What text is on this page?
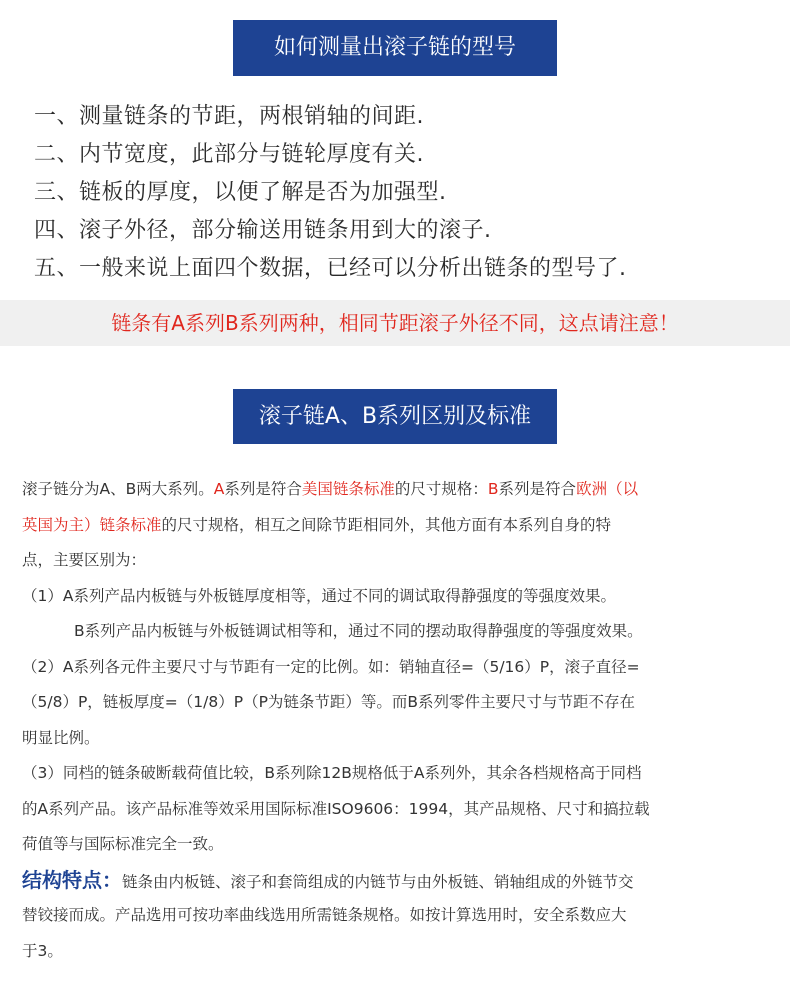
如何测量出滚子链的型号
一、测量链条的节距，两根销轴的间距.
二、内节宽度，此部分与链轮厚度有关.
三、链板的厚度，以便了解是否为加强型.
四、滚子外径，部分输送用链条用到大的滚子.
五、一般来说上面四个数据，已经可以分析出链条的型号了.
链条有A系列B系列两种，相同节距滚子外径不同，这点请注意！
滚子链A、B系列区别及标准
滚子链分为A、B两大系列。A系列是符合美国链条标准的尺寸规格：B系列是符合欧洲（以
英国为主）链条标准的尺寸规格，相互之间除节距相同外，其他方面有本系列自身的特
点，主要区别为：
（1）A系列产品内板链与外板链厚度相等，通过不同的调试取得静强度的等强度效果。
B系列产品内板链与外板链调试相等和，通过不同的摆动取得静强度的等强度效果。
（2）A系列各元件主要尺寸与节距有一定的比例。如：销轴直径=（5/16）P，滚子直径=
（5/8）P，链板厚度=（1/8）P（P为链条节距）等。而B系列零件主要尺寸与节距不存在
明显比例。
（3）同档的链条破断载荷值比较，B系列除12B规格低于A系列外，其余各档规格高于同档
的A系列产品。该产品标准等效采用国际标准ISO9606：1994，其产品规格、尺寸和搞拉载
荷值等与国际标准完全一致。
结构特点：链条由内板链、滚子和套筒组成的内链节与由外板链、销轴组成的外链节交
替铰接而成。产品选用可按功率曲线选用所需链条规格。如按计算选用时，安全系数应大
于3。
